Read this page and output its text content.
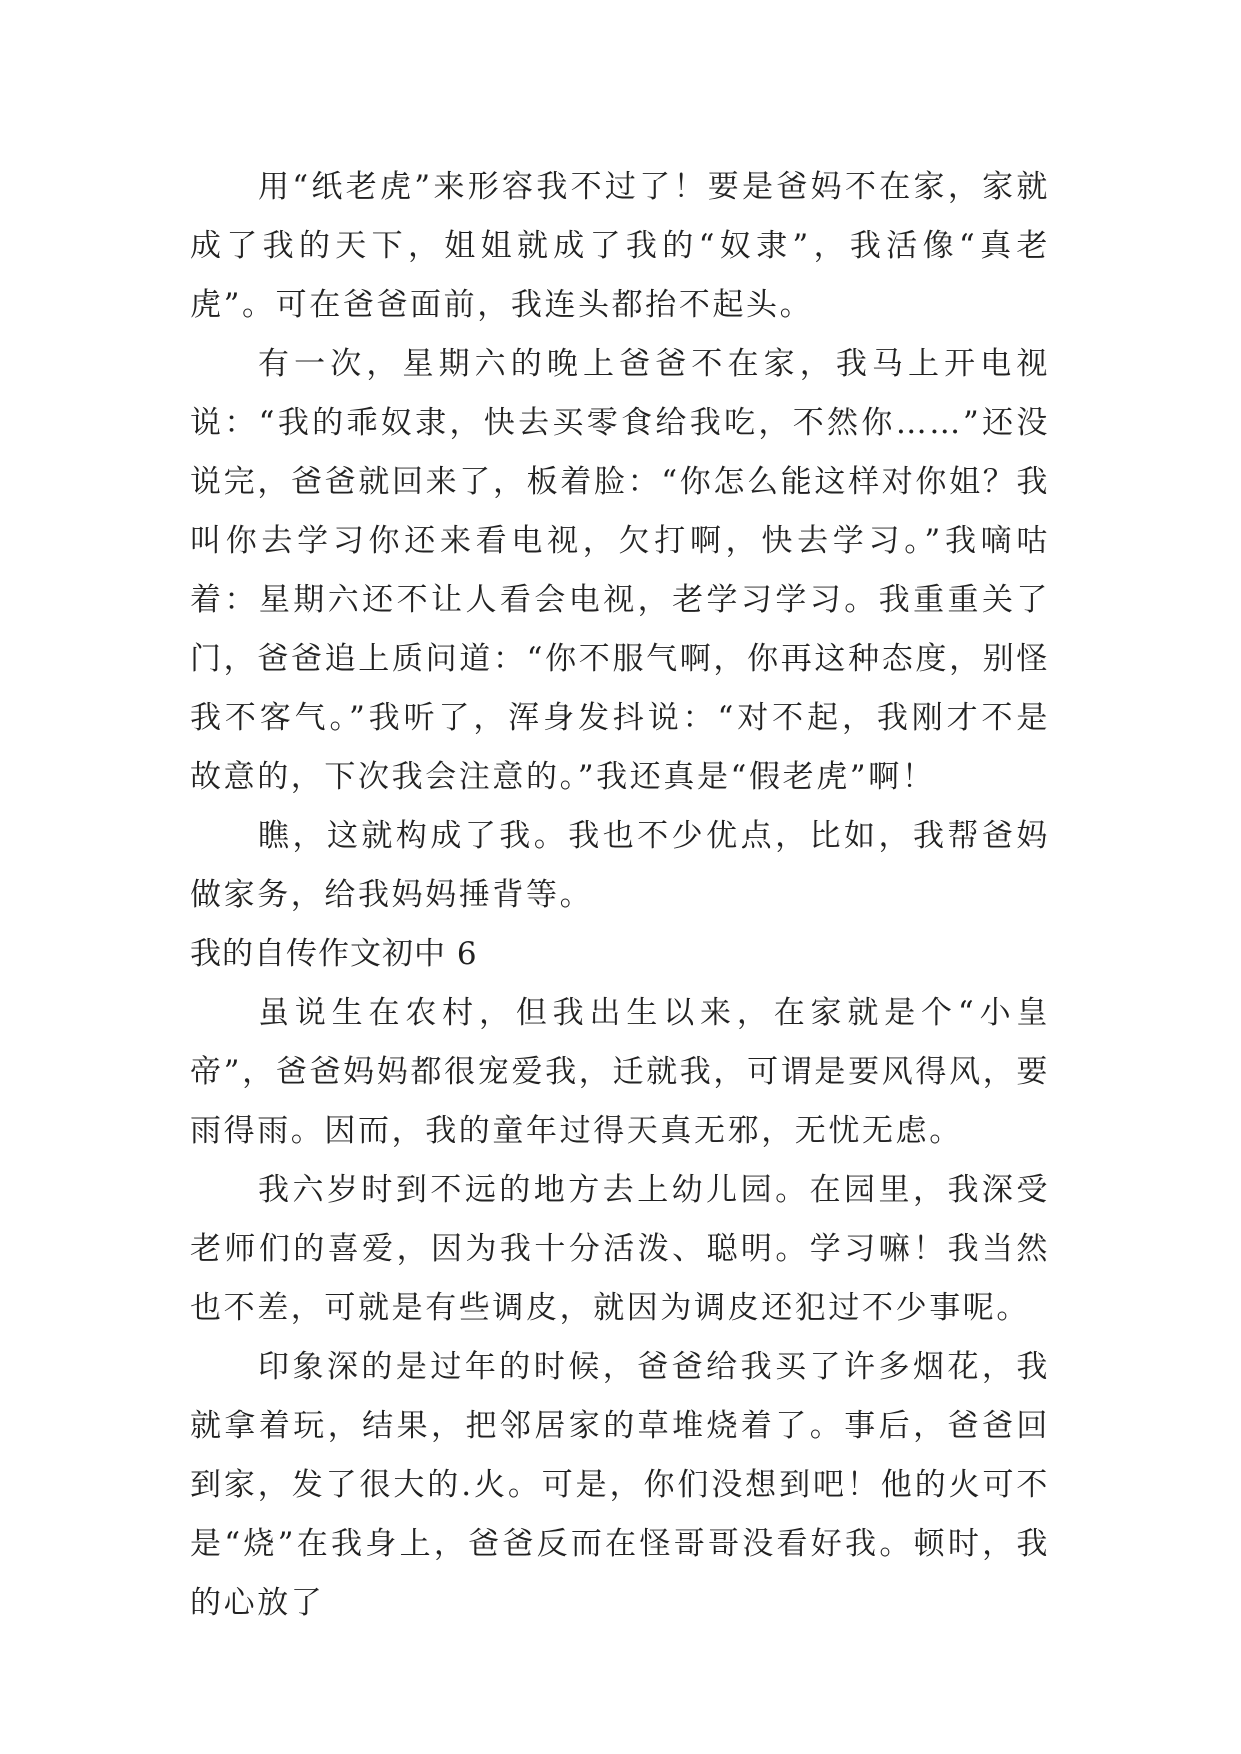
用“纸老虎”来形容我不过了！要是爸妈不在家，家就成了我的天下，姐姐就成了我的“奴隶”，我活像“真老虎”。可在爸爸面前，我连头都抬不起头。

有一次，星期六的晚上爸爸不在家，我马上开电视说：“我的乖奴隶，快去买零食给我吃，不然你……”还没说完，爸爸就回来了，板着脸：“你怎么能这样对你姐？我叫你去学习你还来看电视，欠打啊，快去学习。”我嘀咕着：星期六还不让人看会电视，老学习学习。我重重关了门，爸爸追上质问道：“你不服气啊，你再这种态度，别怪我不客气。”我听了，浑身发抖说：“对不起，我刚才不是故意的，下次我会注意的。”我还真是“假老虎”啊！

瞧，这就构成了我。我也不少优点，比如，我帮爸妈做家务，给我妈妈捶背等。

我的自传作文初中 6

虽说生在农村，但我出生以来，在家就是个“小皇帝”，爸爸妈妈都很宠爱我，迁就我，可谓是要风得风，要雨得雨。因而，我的童年过得天真无邪，无忧无虑。

我六岁时到不远的地方去上幼儿园。在园里，我深受老师们的喜爱，因为我十分活泼、聪明。学习嘛！我当然也不差，可就是有些调皮，就因为调皮还犯过不少事呢。

印象深的是过年的时候，爸爸给我买了许多烟花，我就拿着玩，结果，把邻居家的草堆烧着了。事后，爸爸回到家，发了很大的.火。可是，你们没想到吧！他的火可不是“烧”在我身上，爸爸反而在怪哥哥没看好我。顿时，我的心放了
